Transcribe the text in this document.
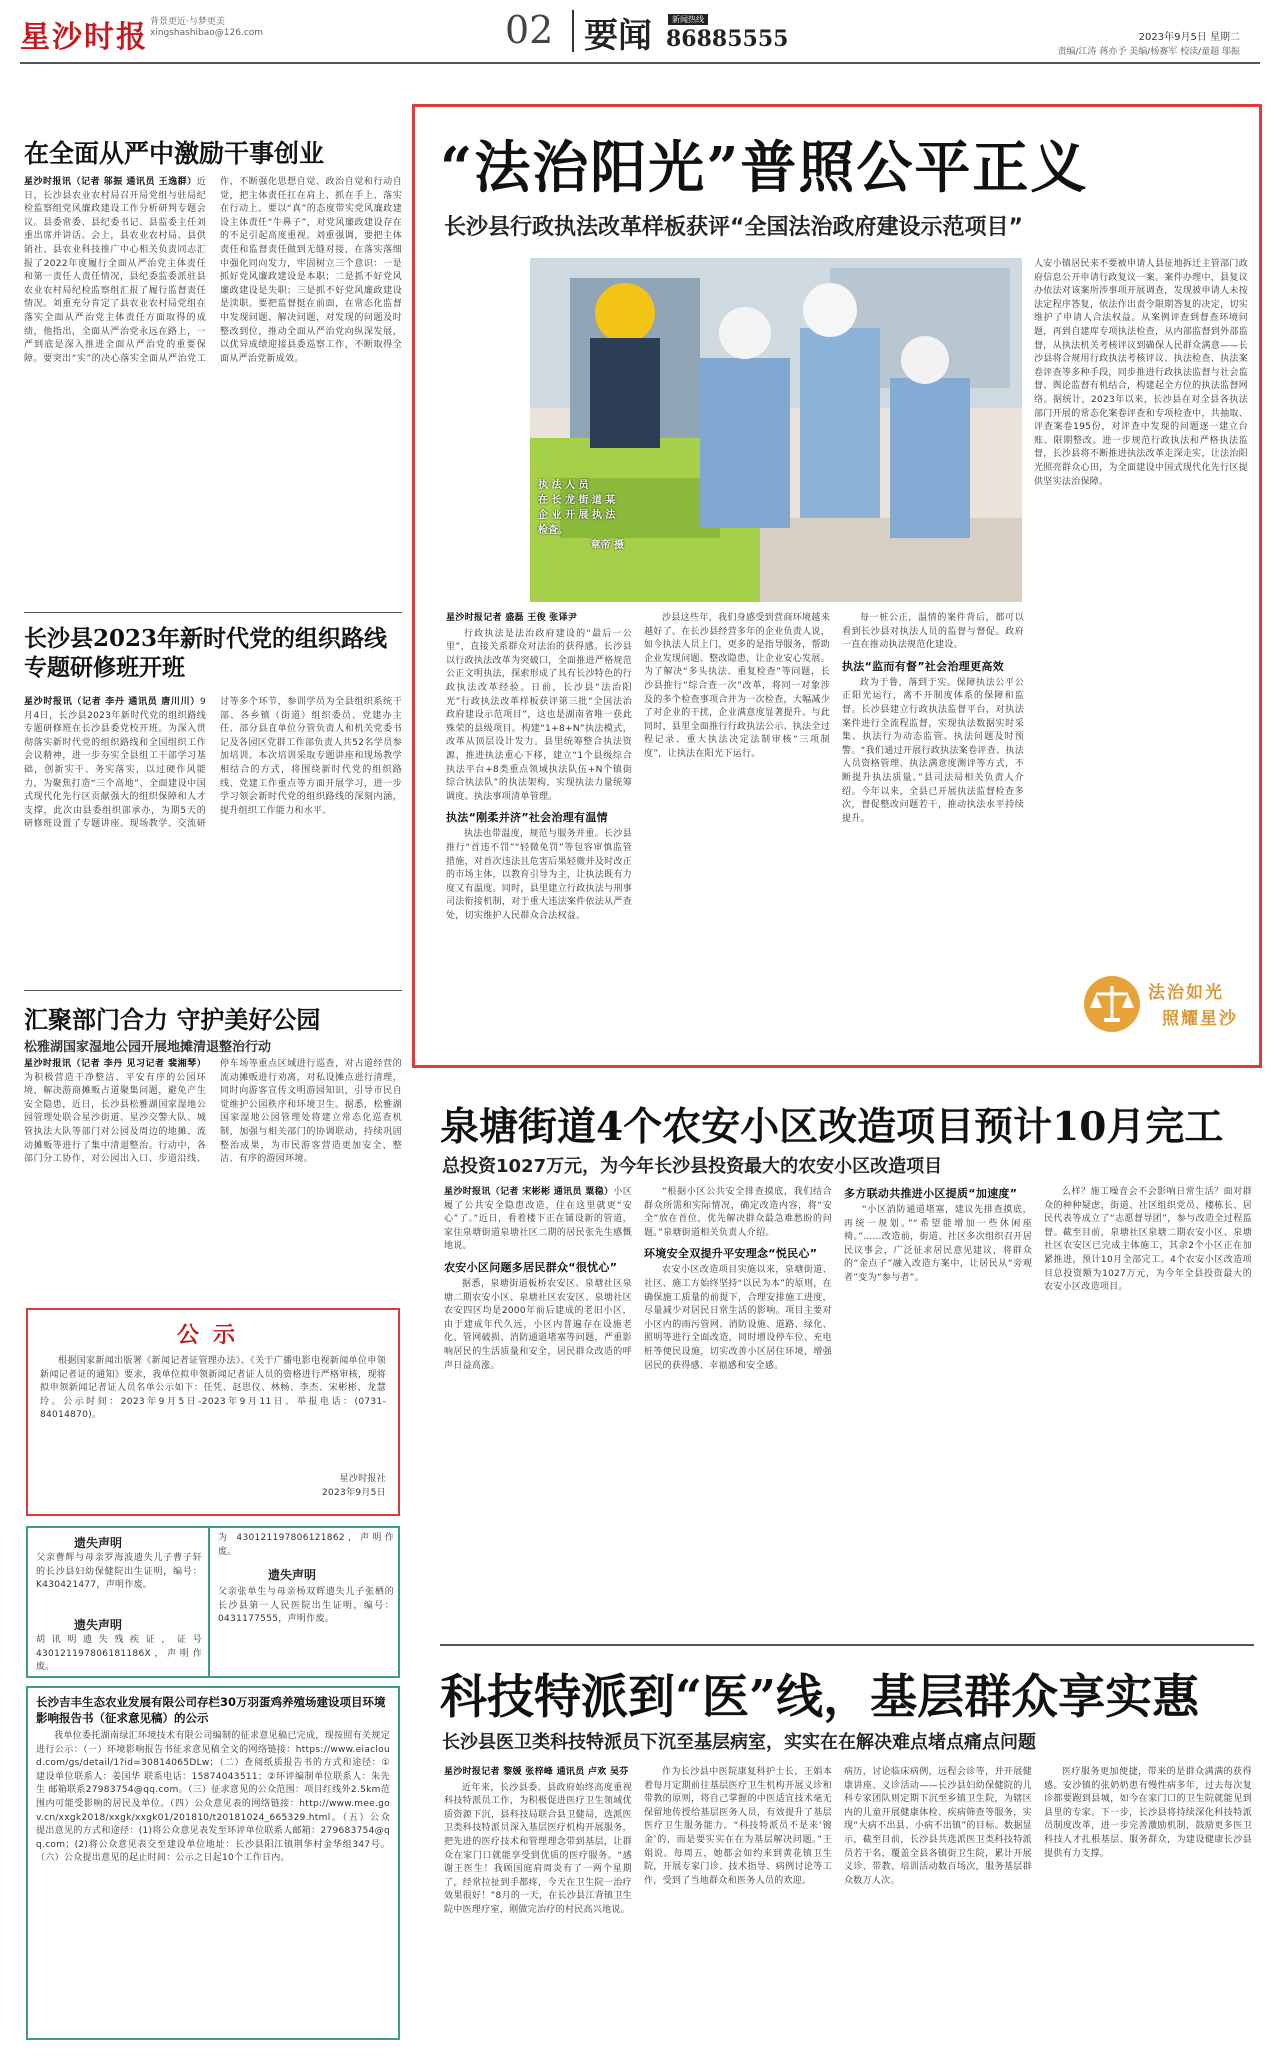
星沙时报 背景更近·与梦更美
xingshashibao@126.com	02 要闻	新闻热线
86885555	2023年9月5日 星期二
责编/江涛 蒋亦予 美编/杨赛军 校读/童超 邬振
在全面从严中激励干事创业
星沙时报讯（记者 邬振 通讯员 王逸群）近日，长沙县农业农村局召开局党组与驻局纪检监察组党风廉政建设工作分析研判专题会议。县委常委、县纪委书记、县监委主任刘重出席并讲话。会上，县农业农村局、县供销社、县农业科技推广中心相关负责同志汇报了2022年度履行全面从严治党主体责任和第一责任人责任情况，县纪委监委派驻县农业农村局纪检监察组汇报了履行监督责任情况。刘重充分肯定了县农业农村局党组在落实全面从严治党主体责任方面取得的成绩，他指出，全面从严治党永远在路上，一严到底是深入推进全面从严治党的重要保障。要突出“实”的决心落实全面从严治党工作，不断强化思想自觉、政治自觉和行动自觉，把主体责任扛在肩上、抓在手上、落实在行动上。要以“真”的态度带实党风廉政建设主体责任“牛鼻子”，对党风廉政建设存在的不足引起高度重视。刘重强调，要把主体责任和监督责任做到无缝对接，在落实落细中强化同向发力，牢固树立三个意识：一是抓好党风廉政建设是本职；二是抓不好党风廉政建设是失职；三是抓不好党风廉政建设是渎职。要把监督挺在前面，在常态化监督中发现问题、解决问题，对发现的问题及时整改到位，推动全面从严治党向纵深发展，以优异成绩迎接县委巡察工作，不断取得全面从严治党新成效。
长沙县2023年新时代党的组织路线专题研修班开班
星沙时报讯（记者 李丹 通讯员 唐川川）9月4日，长沙县2023年新时代党的组织路线专题研修班在长沙县委党校开班。为深入贯彻落实新时代党的组织路线和全国组织工作会议精神，进一步夯实全县组工干部学习基础，创新实干、务实落实，以过硬作风能力，为聚焦打造“三个高地”、全面建设中国式现代化先行区贡献强大的组织保障和人才支撑，此次由县委组织部承办，为期5天的研修班设置了专题讲座、现场教学、交流研讨等多个环节，参训学员为全县组织系统干部、各乡镇（街道）组织委员、党建办主任、部分县直单位分管负责人和机关党委书记及各园区党群工作部负责人共52名学员参加培训。本次培训采取专题讲座和现场教学相结合的方式，将围绕新时代党的组织路线、党建工作重点等方面开展学习，进一步学习领会新时代党的组织路线的深刻内涵，提升组织工作能力和水平。
汇聚部门合力 守护美好公园
松雅湖国家湿地公园开展地摊清退整治行动
星沙时报讯（记者 李丹 见习记者 裴湘琴）为积极营造干净整洁、平安有序的公园环境，解决游商摊贩占道聚集问题，避免产生安全隐患，近日，长沙县松雅湖国家湿地公园管理处联合星沙街道、星沙交警大队、城管执法大队等部门对公园及周边的地摊、流动摊贩等进行了集中清退整治。行动中，各部门分工协作，对公园出入口、步道沿线、停车场等重点区域进行巡查，对占道经营的流动摊贩进行劝离，对私设摊点进行清理，同时向游客宣传文明游园知识，引导市民自觉维护公园秩序和环境卫生。据悉，松雅湖国家湿地公园管理处将建立常态化巡查机制，加强与相关部门的协调联动，持续巩固整治成果，为市民游客营造更加安全、整洁、有序的游园环境。
公示
根据国家新闻出版署《新闻记者证管理办法》、《关于广播电影电视新闻单位申领新闻记者证的通知》要求，我单位拟申领新闻记者证人员的资格进行严格审核，现将拟申领新闻记者证人员名单公示如下：任凭、赵思仪、林畅、李杰、宋彬彬、龙慧玲。公示时间：2023年9月5日-2023年9月11日。举报电话：(0731-84014870)。
星沙时报社
2023年9月5日
遗失声明
父亲曹辉与母亲罗海波遗失儿子曹子轩的长沙县妇幼保健院出生证明，编号：K430421477，声明作废。
遗失声明
胡讯明遗失残疾证，证号430121197806181186X，声明作废。
为 430121197806121862，声明作废。
遗失声明
父亲张单生与母亲杨双辉遗失儿子张栖的长沙县第一人民医院出生证明，编号：0431177555，声明作废。
长沙吉丰生态农业发展有限公司存栏30万羽蛋鸡养殖场建设项目环境影响报告书（征求意见稿）的公示
我单位委托湖南绿汇环境技术有限公司编制的征求意见稿已完成，现按照有关规定进行公示：（一）环境影响报告书征求意见稿全文的网络链接：https://www.eiacloud.com/gs/detail/1?id=30814065DLw；（二）查阅纸质报告书的方式和途径：①建设单位联系人：姜国华 联系电话：15874043511；②环评编制单位联系人：朱先生 邮箱联系27983754@qq.com。（三）征求意见的公众范围：项目红线外2.5km范围内可能受影响的居民及单位。（四）公众意见表的网络链接：http://www.mee.gov.cn/xxgk2018/xxgk/xxgk01/201810/t20181024_665329.html。（五）公众提出意见的方式和途径：(1)将公众意见表发至环评单位联系人邮箱：279683754@qq.com；(2)将公众意见表交至建设单位地址：长沙县阳江镇荆华村金华组347号。（六）公众提出意见的起止时间：公示之日起10个工作日内。
“法治阳光”普照公平正义
长沙县行政执法改革样板获评“全国法治政府建设示范项目”
执 法 人 员
在 长 龙 街 道 某
企 业 开 展 执 法
检查。
章帝 摄
人安小镇居民来不要被申请人县征地拆迁主管部门政府信息公开申请行政复议一案。案件办理中，县复议办依法对该案所涉事项开展调查，发现被申请人未按法定程序答复，依法作出责令限期答复的决定，切实维护了申请人合法权益。从案例评查到督查环境问题，再到自建库专项执法检查，从内部监督到外部监督，从执法机关考核评议到确保人民群众满意——长沙县将合规用行政执法考核评议、执法检查、执法案卷评查等多种手段，同步推进行政执法监督与社会监督、舆论监督有机结合，构建起全方位的执法监督网络。据统计，2023年以来，长沙县在对全县各执法部门开展的常态化案卷评查和专项检查中，共抽取、评查案卷195份，对评查中发现的问题逐一建立台账、限期整改。进一步规范行政执法和严格执法监督，长沙县将不断推进执法改革走深走实，让法治阳光照亮群众心田，为全面建设中国式现代化先行区提供坚实法治保障。
星沙时报记者 盛磊 王俊 张译尹
行政执法是法治政府建设的“最后一公里”，直接关系群众对法治的获得感。长沙县以行政执法改革为突破口，全面推进严格规范公正文明执法，探索形成了具有长沙特色的行政执法改革经验。日前，长沙县“法治阳光”行政执法改革样板获评第三批“全国法治政府建设示范项目”，这也是湖南省唯一获此殊荣的县级项目。构建“1+8+N”执法模式，改革从顶层设计发力。县里统筹整合执法资源，推进执法重心下移，建立“1个县级综合执法平台+8类重点领域执法队伍+N个镇街综合执法队”的执法架构，实现执法力量统筹调度、执法事项清单管理。
执法“刚柔并济”社会治理有温情
执法也带温度，规范与服务并重。长沙县推行“首违不罚”“轻微免罚”等包容审慎监管措施，对首次违法且危害后果轻微并及时改正的市场主体，以教育引导为主，让执法既有力度又有温度。同时，县里建立行政执法与刑事司法衔接机制，对于重大违法案件依法从严查处，切实维护人民群众合法权益。
沙县这些年，我们身感受到营商环境越来越好了。在长沙县经营多年的企业负责人说，如今执法人员上门，更多的是指导服务，帮助企业发现问题、整改隐患，让企业安心发展。为了解决“多头执法、重复检查”等问题，长沙县推行“综合查一次”改革，将同一对象涉及的多个检查事项合并为一次检查，大幅减少了对企业的干扰，企业满意度显著提升。与此同时，县里全面推行行政执法公示、执法全过程记录、重大执法决定法制审核“三项制度”，让执法在阳光下运行。
每一桩公正，温情的案件背后，都可以看到长沙县对执法人员的监督与督促。政府一直在推动执法规范化建设。
执法“监而有督”社会治理更高效
政为于鲁，落到于实。保障执法公平公正阳光运行，离不开制度体系的保障和监督。长沙县建立行政执法监督平台，对执法案件进行全流程监督，实现执法数据实时采集、执法行为动态监管、执法问题及时预警。“我们通过开展行政执法案卷评查、执法人员资格管理、执法满意度测评等方式，不断提升执法质量。”县司法局相关负责人介绍。今年以来，全县已开展执法监督检查多次，督促整改问题若干，推动执法水平持续提升。
法治如光
照耀星沙
泉塘街道4个农安小区改造项目预计10月完工
总投资1027万元，为今年长沙县投资最大的农安小区改造项目
星沙时报讯（记者 宋彬彬 通讯员 粟稳）小区履了公共安全隐患改造，住在这里就更“安心”了。”近日，看着楼下正在铺设新的管道，家住泉塘街道泉塘社区二期的居民张先生感慨地说。
农安小区问题多居民群众“很忧心”
据悉，泉塘街道板桥农安区、泉塘社区泉塘二期农安小区、泉塘社区农安区、泉塘社区农安四区均是2000年前后建成的老旧小区，由于建成年代久远，小区内普遍存在设施老化、管网破损、消防通道堵塞等问题，严重影响居民的生活质量和安全，居民群众改造的呼声日益高涨。
“根据小区公共安全排查摸底，我们结合群众所需和实际情况，确定改造内容，将“安全”放在首位，优先解决群众最急难愁盼的问题。”泉塘街道相关负责人介绍。
环境安全双提升平安理念“悦民心”
农安小区改造项目实施以来，泉塘街道、社区、施工方始终坚持“以民为本”的原则，在确保施工质量的前提下，合理安排施工进度，尽量减少对居民日常生活的影响。项目主要对小区内的雨污管网、消防设施、道路、绿化、照明等进行全面改造，同时增设停车位、充电桩等便民设施，切实改善小区居住环境，增强居民的获得感、幸福感和安全感。
多方联动共推进小区提质“加速度”
“小区消防通道堵塞，建议先排查摸底，再统一规划。”“希望能增加一些休闲座椅。”……改造前，街道、社区多次组织召开居民议事会，广泛征求居民意见建议，将群众的“金点子”融入改造方案中，让居民从“旁观者”变为“参与者”。
么样？施工噪音会不会影响日常生活？面对群众的种种疑虑，街道、社区组织党员、楼栋长、居民代表等成立了“志愿督导团”，参与改造全过程监督。截至目前，泉塘社区泉塘二期农安小区、泉塘社区农安区已完成主体施工，其余2个小区正在加紧推进，预计10月全部完工。4个农安小区改造项目总投资额为1027万元，为今年全县投资最大的农安小区改造项目。
科技特派到“医”线，基层群众享实惠
长沙县医卫类科技特派员下沉至基层病室，实实在在解决难点堵点痛点问题
星沙时报记者 黎媛 张梓峰 通讯员 卢欢 吴芬
近年来，长沙县委、县政府始终高度重视科技特派员工作，为积极促进医疗卫生领域优质资源下沉，县科技局联合县卫健局，选派医卫类科技特派员深入基层医疗机构开展服务，把先进的医疗技术和管理理念带到基层，让群众在家门口就能享受到优质的医疗服务。“感谢王医生！我顾国庭肩周炎有了一两个星期了，经常拉扯到手都疼，今天在卫生院一治疗效果很好！”8月的一天，在长沙县江背镇卫生院中医理疗室，刚做完治疗的村民高兴地说。
作为长沙县中医院康复科护士长，王娟本着每月定期前往基层医疗卫生机构开展义诊和带教的原则，将自己掌握的中医适宜技术毫无保留地传授给基层医务人员，有效提升了基层医疗卫生服务能力。“科技特派员不是来‘镀金’的，而是要实实在在为基层解决问题。”王娟说。每周五，她都会如约来到黄花镇卫生院，开展专家门诊、技术指导、病例讨论等工作，受到了当地群众和医务人员的欢迎。
病历，讨论临床病例，远程会诊等，并开展健康讲座、义诊活动——长沙县妇幼保健院的儿科专家团队则定期下沉至乡镇卫生院，为辖区内的儿童开展健康体检、疾病筛查等服务，实现“大病不出县、小病不出镇”的目标。数据显示，截至目前，长沙县共选派医卫类科技特派员若干名，覆盖全县各镇街卫生院，累计开展义诊、带教、培训活动数百场次，服务基层群众数万人次。
医疗服务更加便捷，带来的是群众满满的获得感。安沙镇的张奶奶患有慢性病多年，过去每次复诊都要跑到县城，如今在家门口的卫生院就能见到县里的专家。下一步，长沙县将持续深化科技特派员制度改革，进一步完善激励机制，鼓励更多医卫科技人才扎根基层、服务群众，为建设健康长沙县提供有力支撑。
